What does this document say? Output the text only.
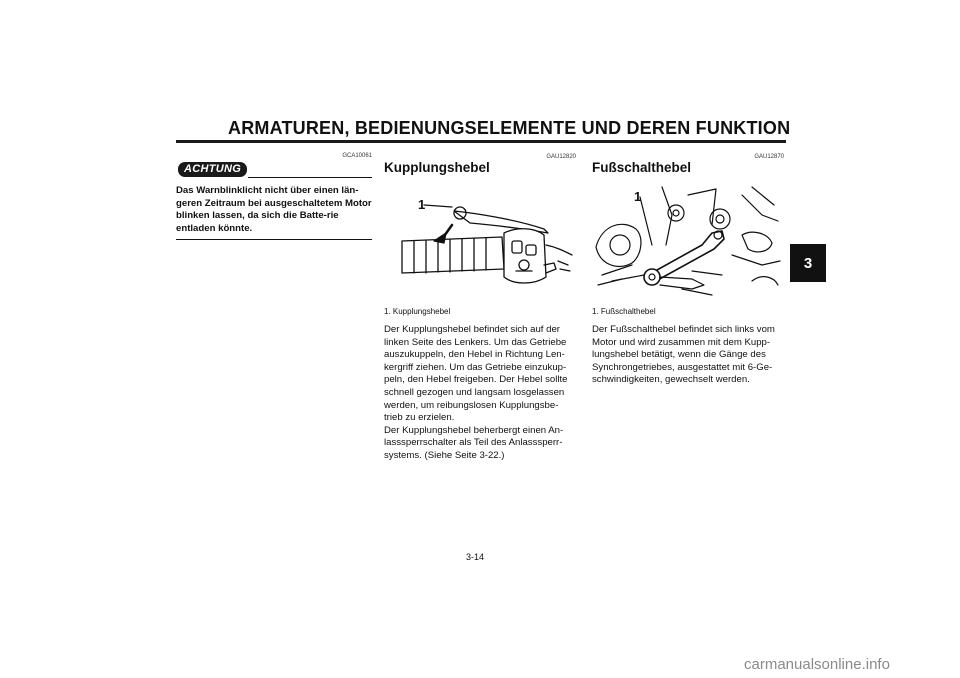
ARMATUREN, BEDIENUNGSELEMENTE UND DEREN FUNKTION
3
GCA10061
ACHTUNG
Das Warnblinklicht nicht über einen län-geren Zeitraum bei ausgeschaltetem Motor blinken lassen, da sich die Batte-rie entladen könnte.
GAU12820
Kupplungshebel
1
1. Kupplungshebel
Der Kupplungshebel befindet sich auf der linken Seite des Lenkers. Um das Getriebe auszukuppeln, den Hebel in Richtung Len-kergriff ziehen. Um das Getriebe einzukup-peln, den Hebel freigeben. Der Hebel sollte schnell gezogen und langsam losgelassen werden, um reibungslosen Kupplungsbe-trieb zu erzielen.
Der Kupplungshebel beherbergt einen An-lasssperrschalter als Teil des Anlasssperr-systems. (Siehe Seite 3-22.)
GAU12870
Fußschalthebel
1
1. Fußschalthebel
Der Fußschalthebel befindet sich links vom Motor und wird zusammen mit dem Kupp-lungshebel betätigt, wenn die Gänge des Synchrongetriebes, ausgestattet mit 6-Ge-schwindigkeiten, gewechselt werden.
3-14
carmanualsonline.info
